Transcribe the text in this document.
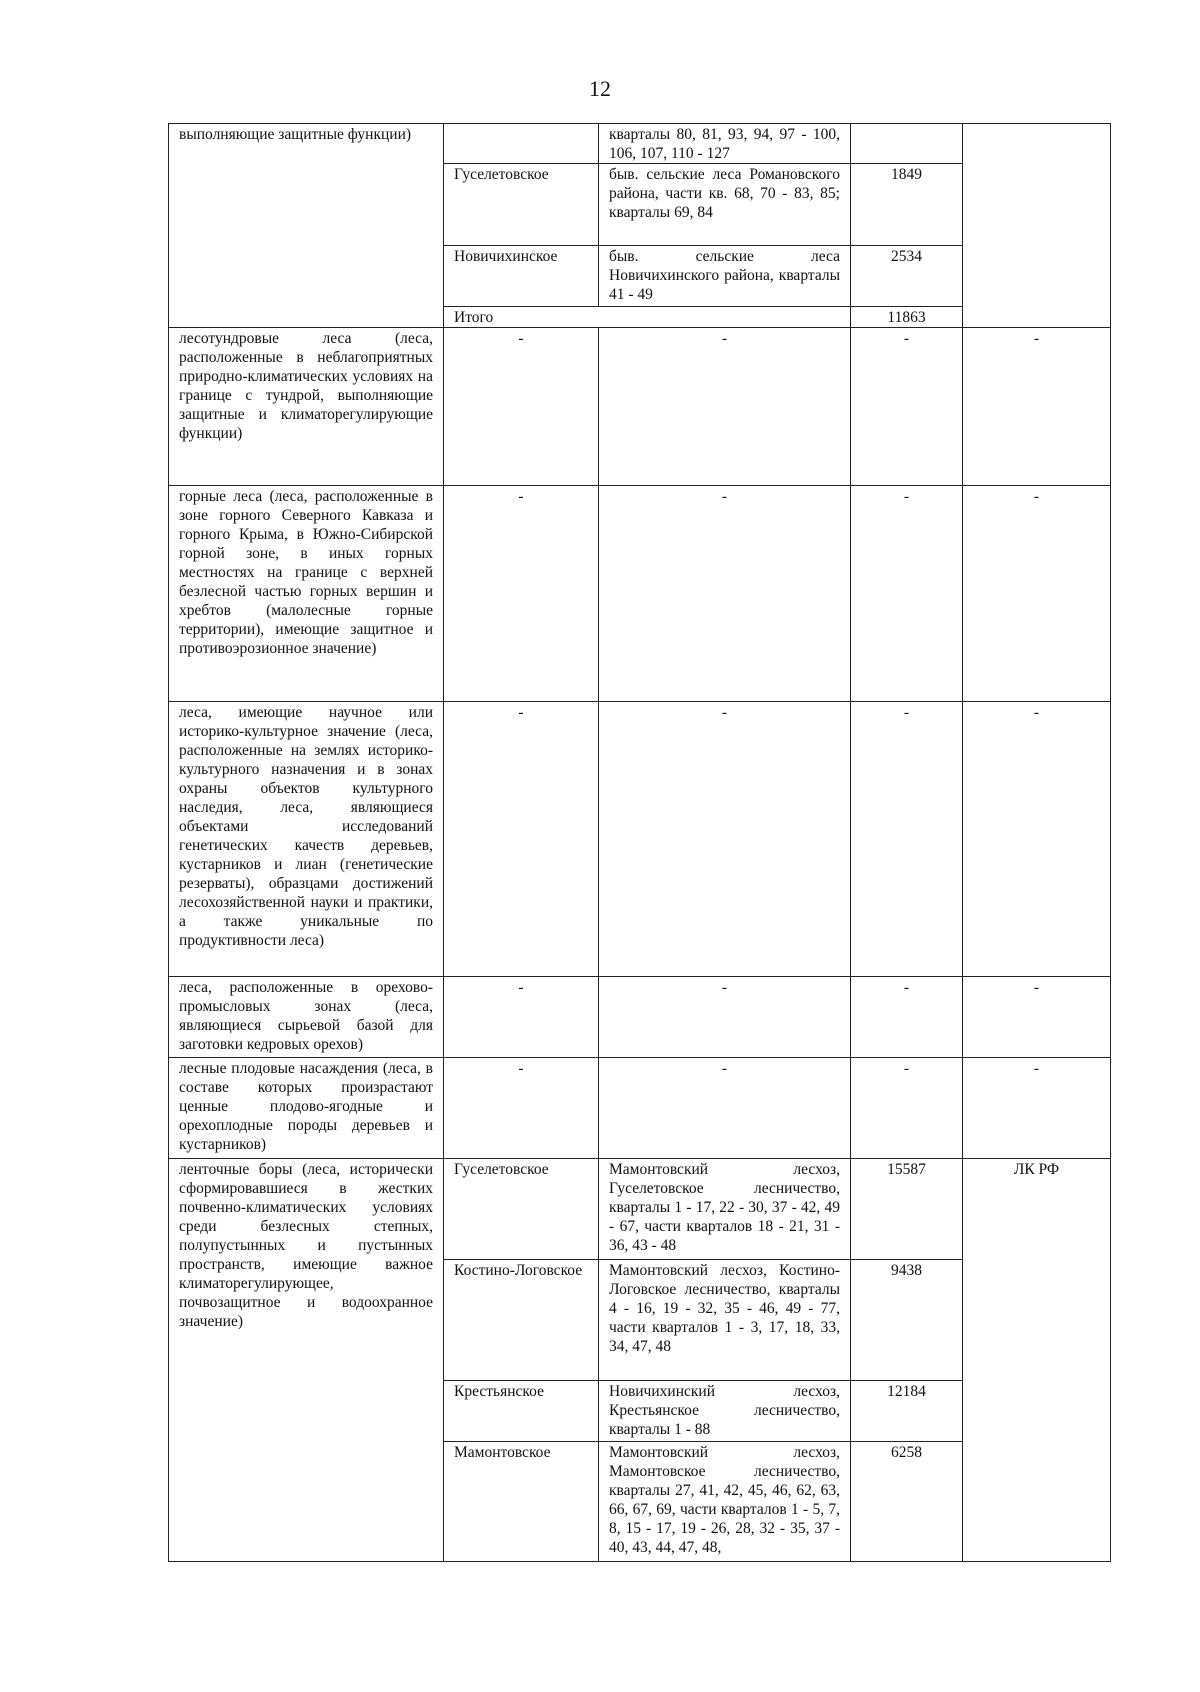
12
выполняющие защитные функции)		кварталы 80, 81, 93, 94, 97 - 100, 106, 107, 110 - 127		
	Гуселетовское	быв. сельские леса Романовского района, части кв. 68, 70 - 83, 85; кварталы 69, 84	1849	
	Новичихинское	быв. сельские леса Новичихинского района, кварталы 41 - 49	2534	
	Итого		11863	
лесотундровые леса (леса, расположенные в неблагоприятных природно-климатических условиях на границе с тундрой, выполняющие защитные и климаторегулирующие функции)	-	-	-	-
горные леса (леса, расположенные в зоне горного Северного Кавказа и горного Крыма, в Южно-Сибирской горной зоне, в иных горных местностях на границе с верхней безлесной частью горных вершин и хребтов (малолесные горные территории), имеющие защитное и противоэрозионное значение)	-	-	-	-
леса, имеющие научное или историко-культурное значение (леса, расположенные на землях историко-культурного назначения и в зонах охраны объектов культурного наследия, леса, являющиеся объектами исследований генетических качеств деревьев, кустарников и лиан (генетические резерваты), образцами достижений лесохозяйственной науки и практики, а также уникальные по продуктивности леса)	-	-	-	-
леса, расположенные в орехово-промысловых зонах (леса, являющиеся сырьевой базой для заготовки кедровых орехов)	-	-	-	-
лесные плодовые насаждения (леса, в составе которых произрастают ценные плодово-ягодные и орехоплодные породы деревьев и кустарников)	-	-	-	-
ленточные боры (леса, исторически сформировавшиеся в жестких почвенно-климатических условиях среди безлесных степных, полупустынных и пустынных пространств, имеющие важное климаторегулирующее, почвозащитное и водоохранное значение)	Гуселетовское	Мамонтовский лесхоз, Гуселетовское лесничество, кварталы 1 - 17, 22 - 30, 37 - 42, 49 - 67, части кварталов 18 - 21, 31 - 36, 43 - 48	15587	ЛК РФ
	Костино-Логовское	Мамонтовский лесхоз, Костино-Логовское лесничество, кварталы 4 - 16, 19 - 32, 35 - 46, 49 - 77, части кварталов 1 - 3, 17, 18, 33, 34, 47, 48	9438	
	Крестьянское	Новичихинский лесхоз, Крестьянское лесничество, кварталы 1 - 88	12184	
	Мамонтовское	Мамонтовский лесхоз, Мамонтовское лесничество, кварталы 27, 41, 42, 45, 46, 62, 63, 66, 67, 69, части кварталов 1 - 5, 7, 8, 15 - 17, 19 - 26, 28, 32 - 35, 37 - 40, 43, 44, 47, 48,	6258	
